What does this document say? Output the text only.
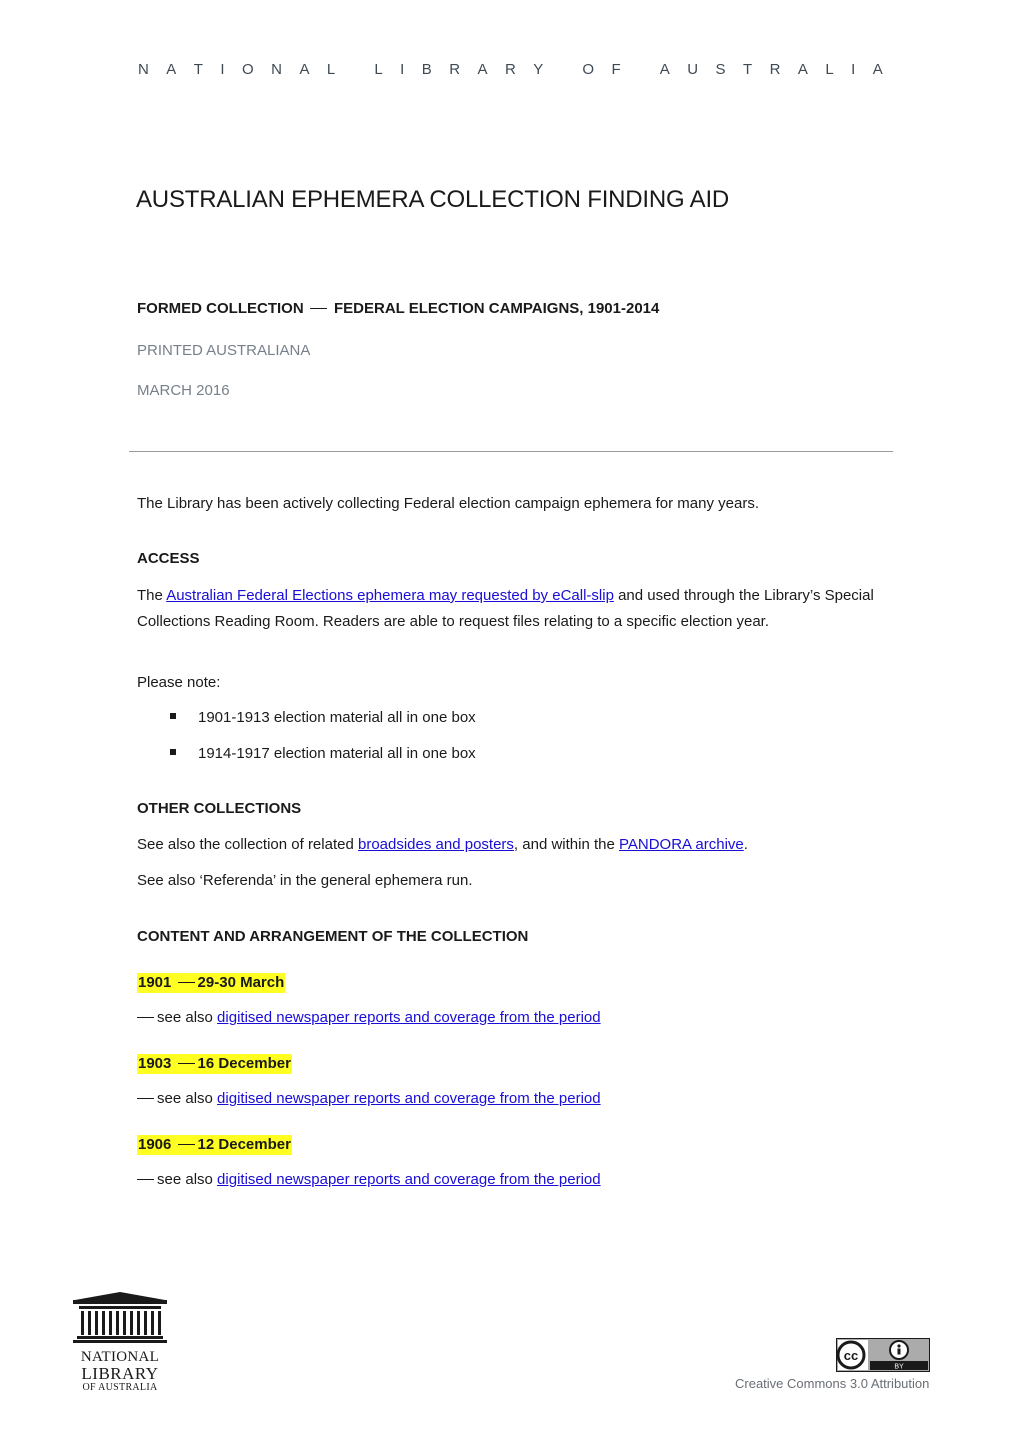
N A T I O N A L
	L I B R A R Y
	O F
	A U S T R A L I A
AUSTRALIAN EPHEMERA COLLECTION FINDING AID
FORMED COLLECTION FEDERAL ELECTION CAMPAIGNS, 1901-2014
PRINTED AUSTRALIANA
MARCH 2016
The Library has been actively collecting Federal election campaign ephemera for many years.
ACCESS
The Australian Federal Elections ephemera may requested by eCall-slip and used through the Library’s Special Collections Reading Room. Readers are able to request files relating to a specific election year.
Please note:
1901-1913 election material all in one box
1914-1917 election material all in one box
OTHER COLLECTIONS
See also the collection of related broadsides and posters, and within the PANDORA archive.
See also ‘Referenda’ in the general ephemera run.
CONTENT AND ARRANGEMENT OF THE COLLECTION
1901 29-30 March
see also digitised newspaper reports and coverage from the period
1903 16 December
see also digitised newspaper reports and coverage from the period
1906 12 December
see also digitised newspaper reports and coverage from the period
NATIONAL
LIBRARY
OF AUSTRALIA
cc
BY
Creative Commons 3.0 Attribution
